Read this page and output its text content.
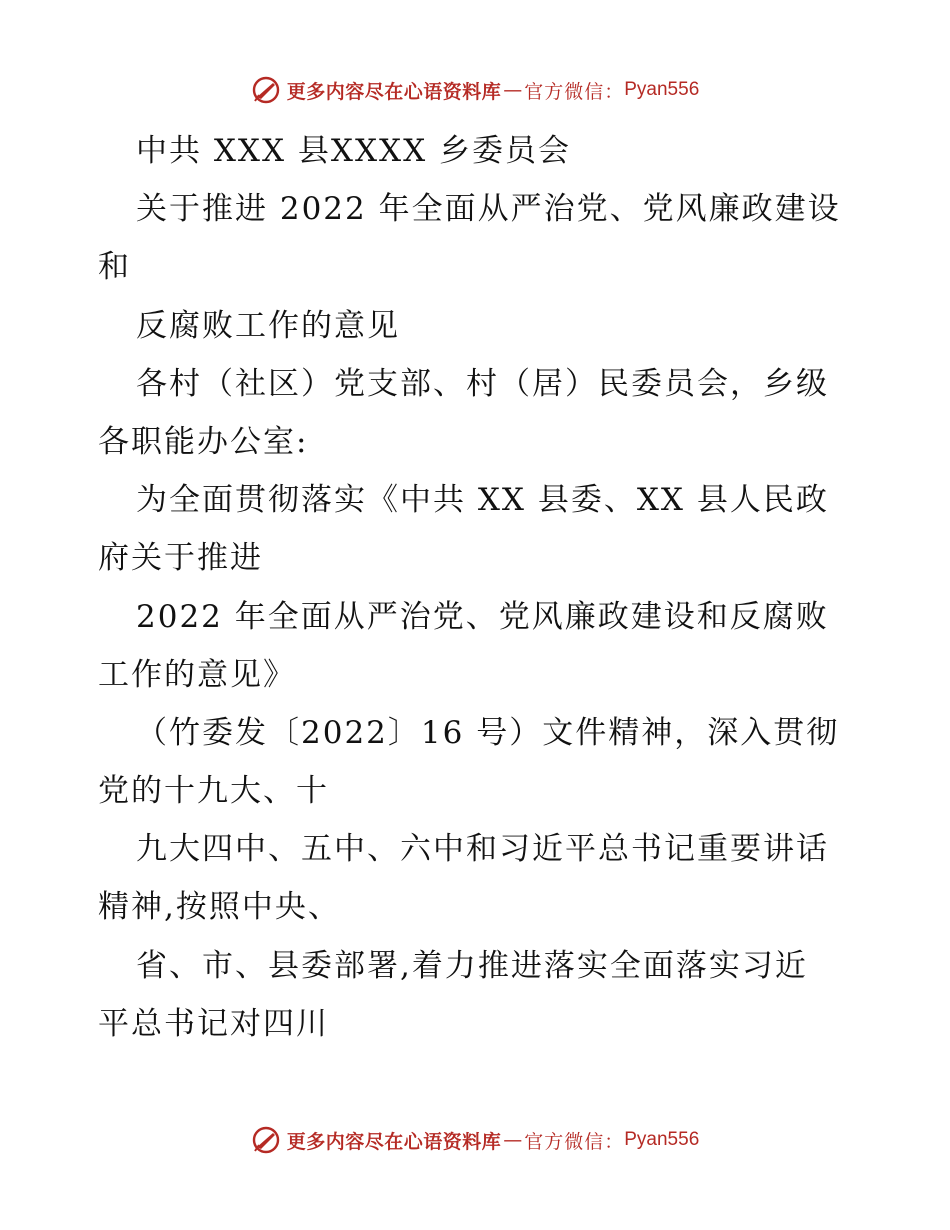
更多内容尽在心语资料库 — 官方微信： Pyan556
中共 XXX 县XXXX 乡委员会
关于推进 2022 年全面从严治党、党风廉政建设
和
反腐败工作的意见
各村（社区）党支部、村（居）民委员会，乡级
各职能办公室:
为全面贯彻落实《中共 XX 县委、XX 县人民政
府关于推进
2022 年全面从严治党、党风廉政建设和反腐败
工作的意见》
（竹委发〔2022〕16 号）文件精神，深入贯彻
党的十九大、十
九大四中、五中、六中和习近平总书记重要讲话
精神,按照中央、
省、市、县委部署,着力推进落实全面落实习近
平总书记对四川
更多内容尽在心语资料库 — 官方微信： Pyan556
